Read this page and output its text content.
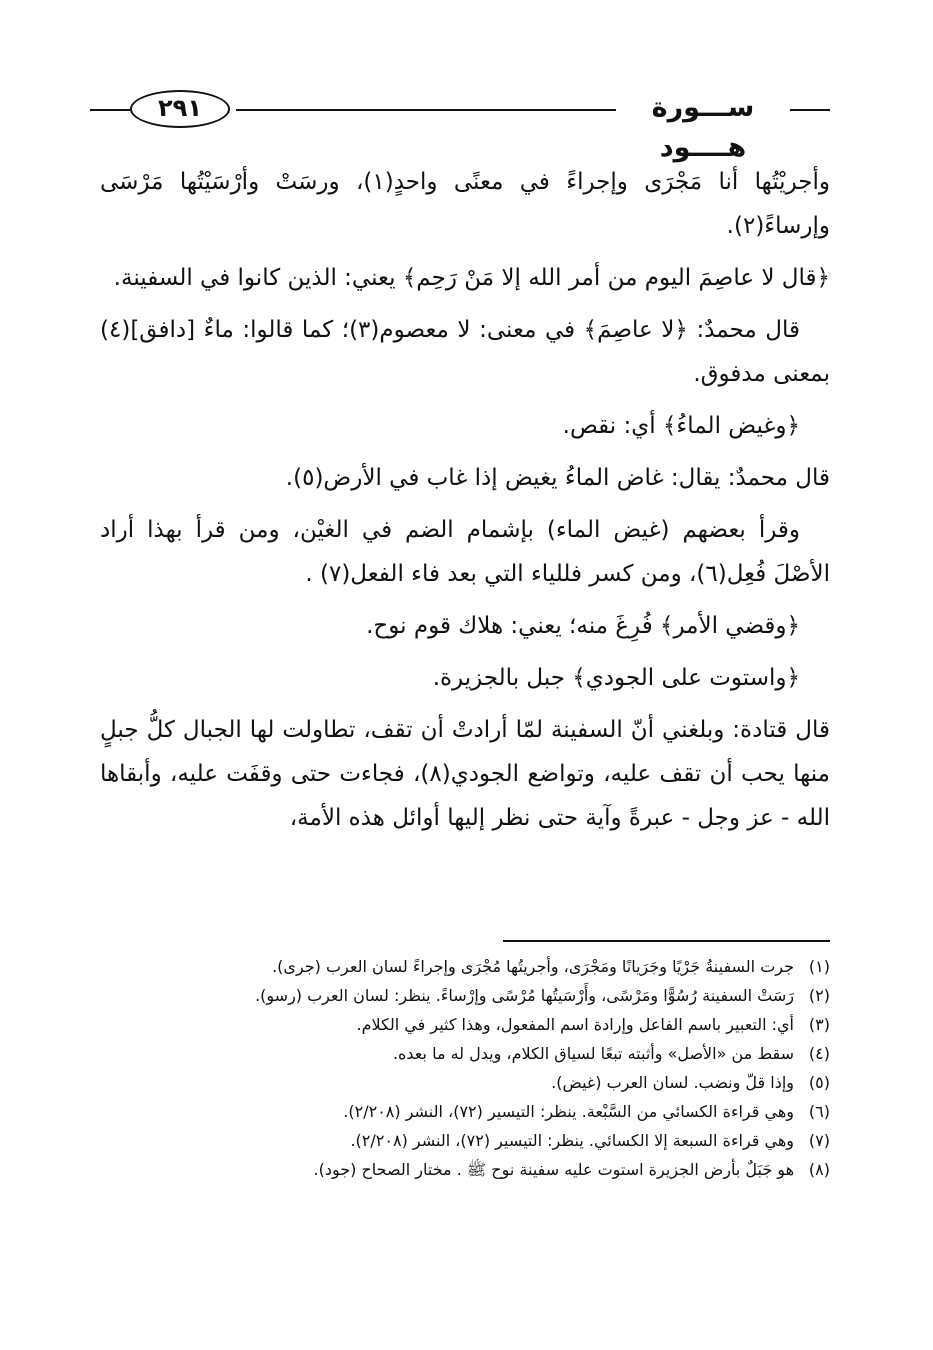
٢٩١	ســـورة هــــود

وأجريْتُها أنا مَجْرَى وإجراءً في معنًى واحدٍ(١)، ورسَتْ وأرْسَيْتُها مَرْسَى وإرساءً(٢).

﴿قال لا عاصِمَ اليوم من أمر الله إلا مَنْ رَحِم﴾ يعني: الذين كانوا في السفينة.

قال محمدٌ: ﴿لا عاصِمَ﴾ في معنى: لا معصوم(٣)؛ كما قالوا: ماءٌ [دافق](٤) بمعنى مدفوق.

﴿وغيض الماءُ﴾ أي: نقص.

قال محمدٌ: يقال: غاض الماءُ يغيض إذا غاب في الأرض(٥).

وقرأ بعضهم (غيض الماء) بإشمام الضم في الغيْن، ومن قرأ بهذا أراد الأصْلَ فُعِل(٦)، ومن كسر فللياء التي بعد فاء الفعل(٧) .

﴿وقضي الأمر﴾ فُرِغَ منه؛ يعني: هلاك قوم نوح.

﴿واستوت على الجودي﴾ جبل بالجزيرة.

قال قتادة: وبلغني أنّ السفينة لمّا أرادتْ أن تقف، تطاولت لها الجبال كلُّ جبلٍ منها يحب أن تقف عليه، وتواضع الجودي(٨)، فجاءت حتى وقفَت عليه، وأبقاها الله - عز وجل - عبرةً وآية حتى نظر إليها أوائل هذه الأمة،

(١)جرت السفينةُ جَرْيًا وجَرَيانًا ومَجْرَى، وأجريتُها مُجْرَى وإجراءً لسان العرب (جرى).
(٢)رَسَتْ السفينة رُسُوًّا ومَرْسًى، وأَرْسَيتُها مُرْسًى وإرْساءً. ينظر: لسان العرب (رسو).
(٣)أي: التعبير باسم الفاعل وإرادة اسم المفعول، وهذا كثير في الكلام.
(٤)سقط من «الأصل» وأثبته تبعًا لسياق الكلام، ويدل له ما بعده.
(٥)وإذا قلّ ونضب. لسان العرب (غيض).
(٦)وهي قراءة الكسائي من السَّبْعة. ينظر: التيسير (٧٢)، النشر (٢/٢٠٨).
(٧)وهي قراءة السبعة إلا الكسائي. ينظر: التيسير (٧٢)، النشر (٢/٢٠٨).
(٨)هو جَبَلٌ بأرض الجزيرة استوت عليه سفينة نوح ﷺ . مختار الصحاح (جود).
